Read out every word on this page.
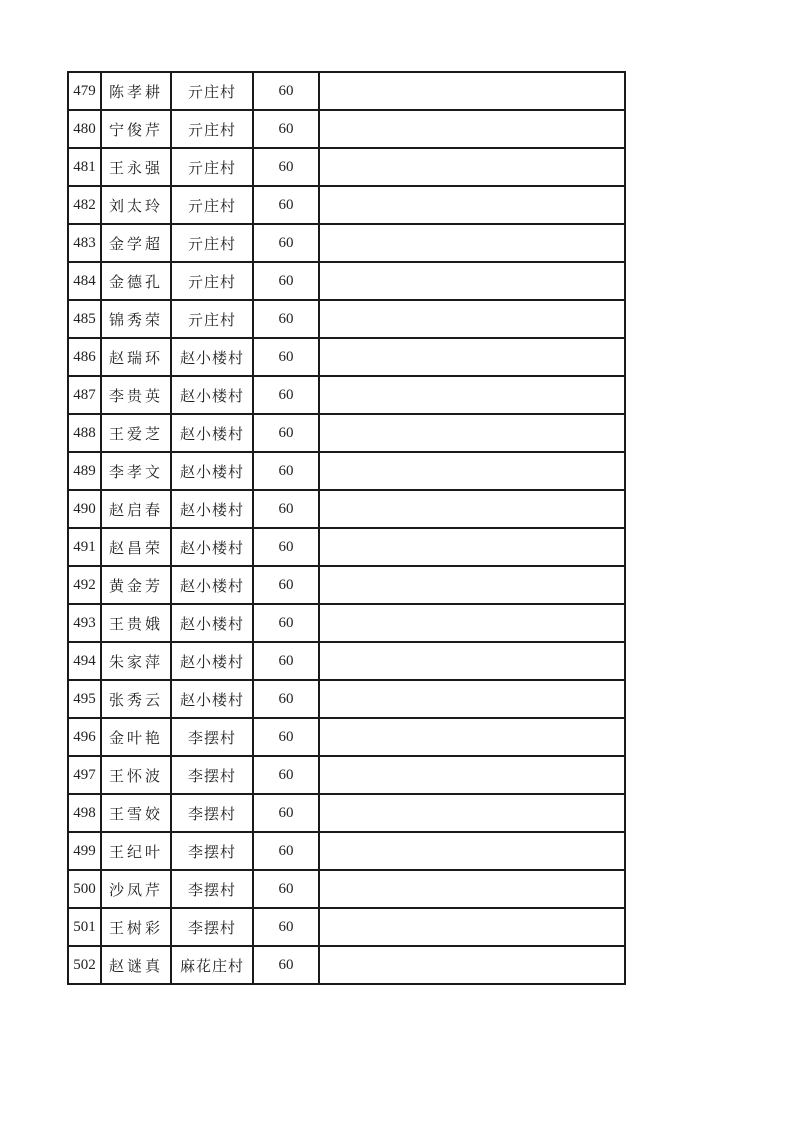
479	陈孝耕	亓庄村	60	
480	宁俊芹	亓庄村	60	
481	王永强	亓庄村	60	
482	刘太玲	亓庄村	60	
483	金学超	亓庄村	60	
484	金德孔	亓庄村	60	
485	锦秀荣	亓庄村	60	
486	赵瑞环	赵小楼村	60	
487	李贵英	赵小楼村	60	
488	王爱芝	赵小楼村	60	
489	李孝文	赵小楼村	60	
490	赵启春	赵小楼村	60	
491	赵昌荣	赵小楼村	60	
492	黄金芳	赵小楼村	60	
493	王贵娥	赵小楼村	60	
494	朱家萍	赵小楼村	60	
495	张秀云	赵小楼村	60	
496	金叶艳	李摆村	60	
497	王怀波	李摆村	60	
498	王雪姣	李摆村	60	
499	王纪叶	李摆村	60	
500	沙凤芹	李摆村	60	
501	王树彩	李摆村	60	
502	赵谜真	麻花庄村	60	
